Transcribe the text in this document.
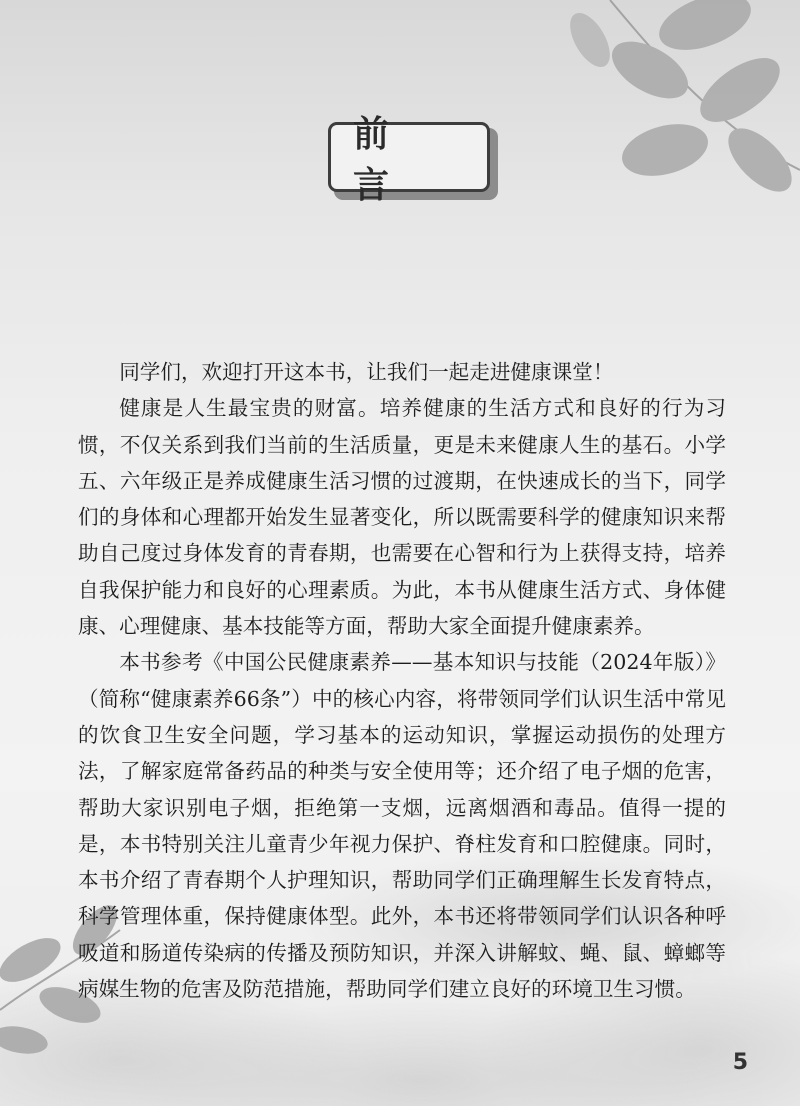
前 言

同学们，欢迎打开这本书，让我们一起走进健康课堂！

健康是人生最宝贵的财富。培养健康的生活方式和良好的行为习惯，不仅关系到我们当前的生活质量，更是未来健康人生的基石。小学五、六年级正是养成健康生活习惯的过渡期，在快速成长的当下，同学们的身体和心理都开始发生显著变化，所以既需要科学的健康知识来帮助自己度过身体发育的青春期，也需要在心智和行为上获得支持，培养自我保护能力和良好的心理素质。为此，本书从健康生活方式、身体健康、心理健康、基本技能等方面，帮助大家全面提升健康素养。

本书参考《中国公民健康素养——基本知识与技能（2024年版）》（简称“健康素养66条”）中的核心内容，将带领同学们认识生活中常见的饮食卫生安全问题，学习基本的运动知识，掌握运动损伤的处理方法，了解家庭常备药品的种类与安全使用等；还介绍了电子烟的危害，帮助大家识别电子烟，拒绝第一支烟，远离烟酒和毒品。值得一提的是，本书特别关注儿童青少年视力保护、脊柱发育和口腔健康。同时，本书介绍了青春期个人护理知识，帮助同学们正确理解生长发育特点，科学管理体重，保持健康体型。此外，本书还将带领同学们认识各种呼吸道和肠道传染病的传播及预防知识，并深入讲解蚊、蝇、鼠、蟑螂等病媒生物的危害及防范措施，帮助同学们建立良好的环境卫生习惯。

5
